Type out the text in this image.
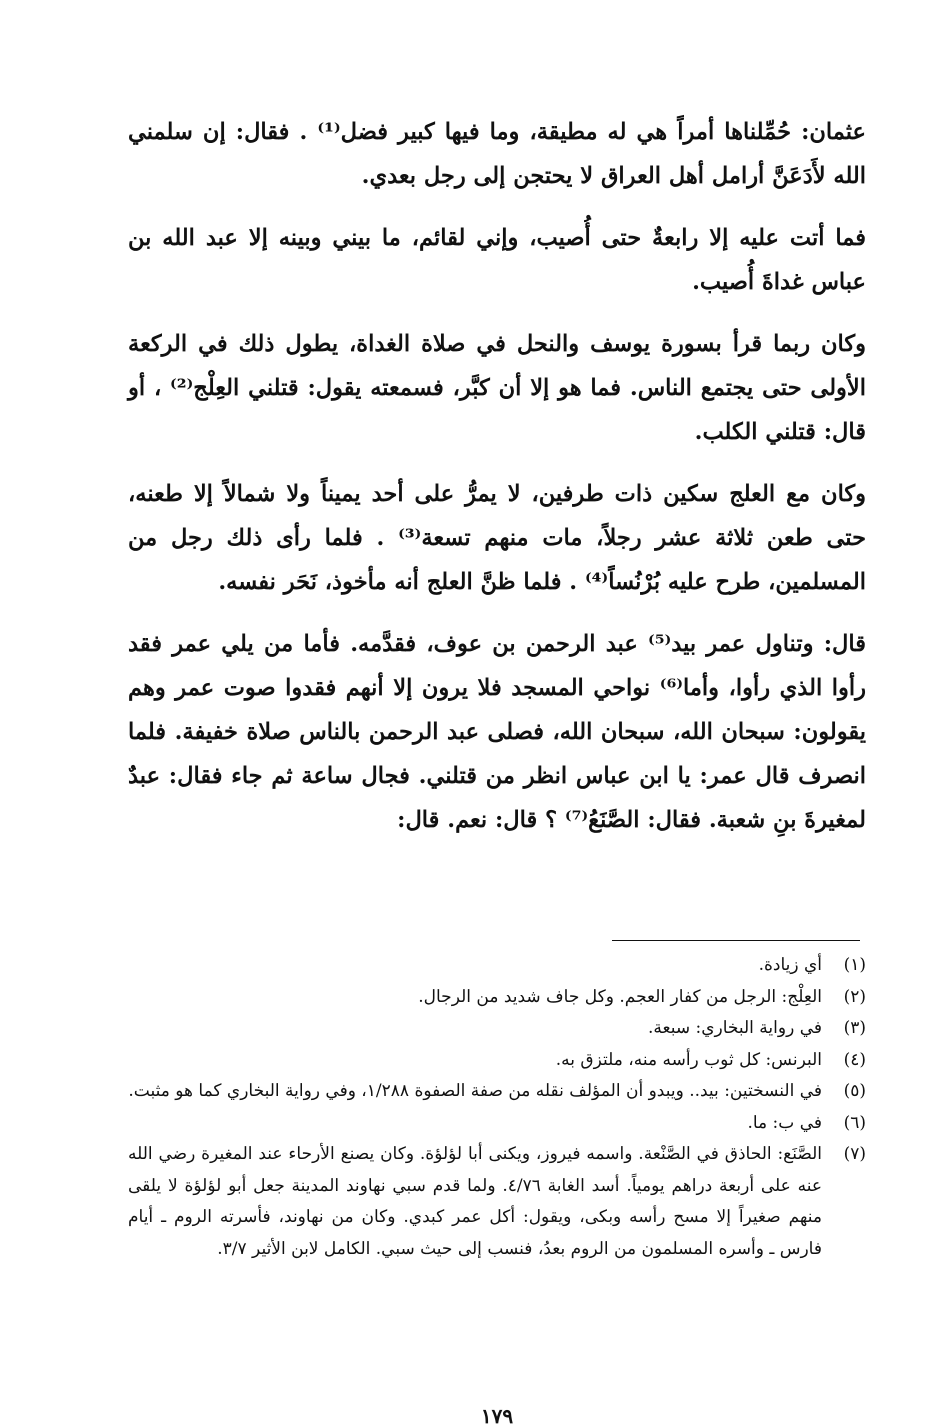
عثمان: حُمِّلناها أمراً هي له مطيقة، وما فيها كبير فضل⁽¹⁾ . فقال: إن سلمني الله لأَدَعَنَّ أرامل أهل العراق لا يحتجن إلى رجل بعدي.

فما أتت عليه إلا رابعةٌ حتى أُصيب، وإني لقائم، ما بيني وبينه إلا عبد الله بن عباس غداةَ أُصيب.

وكان ربما قرأ بسورة يوسف والنحل في صلاة الغداة، يطول ذلك في الركعة الأولى حتى يجتمع الناس. فما هو إلا أن كبَّر، فسمعته يقول: قتلني العِلْج⁽²⁾ ، أو قال: قتلني الكلب.

وكان مع العلج سكين ذات طرفين، لا يمرُّ على أحد يميناً ولا شمالاً إلا طعنه، حتى طعن ثلاثة عشر رجلاً، مات منهم تسعة⁽³⁾ . فلما رأى ذلك رجل من المسلمين، طرح عليه بُرْنُساً⁽⁴⁾ . فلما ظنَّ العلج أنه مأخوذ، نَحَر نفسه.

قال: وتناول عمر بيد⁽⁵⁾ عبد الرحمن بن عوف، فقدَّمه. فأما من يلي عمر فقد رأوا الذي رأوا، وأما⁽⁶⁾ نواحي المسجد فلا يرون إلا أنهم فقدوا صوت عمر وهم يقولون: سبحان الله، سبحان الله، فصلى عبد الرحمن بالناس صلاة خفيفة. فلما انصرف قال عمر: يا ابن عباس انظر من قتلني. فجال ساعة ثم جاء فقال: عبدٌ لمغيرةَ بنِ شعبة. فقال: الصَّنَعُ⁽⁷⁾ ؟ قال: نعم. قال:

(١)
أي زيادة.
(٢)
العِلْج: الرجل من كفار العجم. وكل جاف شديد من الرجال.
(٣)
في رواية البخاري: سبعة.
(٤)
البرنس: كل ثوب رأسه منه، ملتزق به.
(٥)
في النسختين: بيد.. ويبدو أن المؤلف نقله من صفة الصفوة ١/٢٨٨، وفي رواية البخاري كما هو مثبت.
(٦)
في ب: ما.
(٧)
الصَّنَع: الحاذق في الصَّنْعة. واسمه فيروز، ويكنى أبا لؤلؤة. وكان يصنع الأرحاء عند المغيرة رضي الله عنه على أربعة دراهم يومياً. أسد الغابة ٤/٧٦. ولما قدم سبي نهاوند المدينة جعل أبو لؤلؤة لا يلقى منهم صغيراً إلا مسح رأسه وبكى، ويقول: أكل عمر كبدي. وكان من نهاوند، فأسرته الروم ـ أيام فارس ـ وأسره المسلمون من الروم بعدُ، فنسب إلى حيث سبي. الكامل لابن الأثير ٣/٧.
١٧٩
